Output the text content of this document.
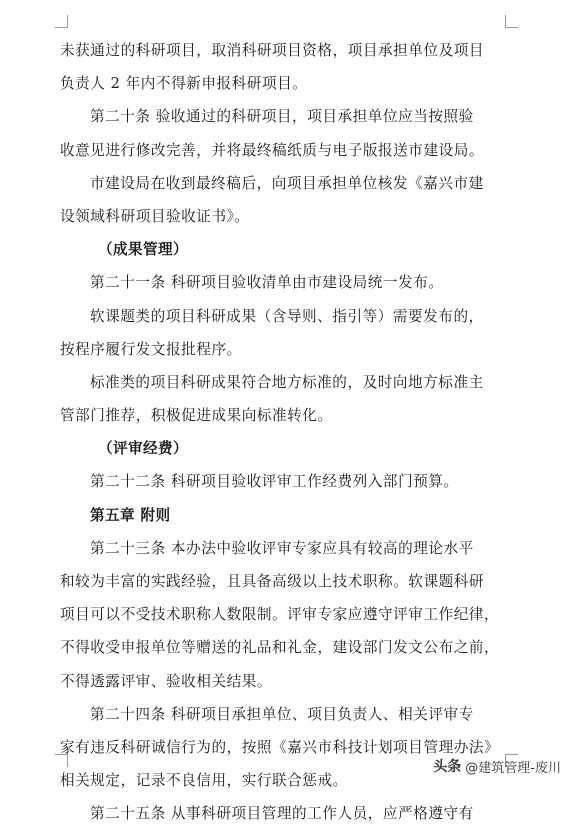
未获通过的科研项目，取消科研项目资格，项目承担单位及项目
负责人 2 年内不得新申报科研项目。
第二十条 验收通过的科研项目，项目承担单位应当按照验
收意见进行修改完善，并将最终稿纸质与电子版报送市建设局。
市建设局在收到最终稿后，向项目承担单位核发《嘉兴市建
设领域科研项目验收证书》。
（成果管理）
第二十一条 科研项目验收清单由市建设局统一发布。
软课题类的项目科研成果（含导则、指引等）需要发布的，
按程序履行发文报批程序。
标准类的项目科研成果符合地方标准的，及时向地方标准主
管部门推荐，积极促进成果向标准转化。
（评审经费）
第二十二条 科研项目验收评审工作经费列入部门预算。
第五章 附则
第二十三条 本办法中验收评审专家应具有较高的理论水平
和较为丰富的实践经验，且具备高级以上技术职称。软课题科研
项目可以不受技术职称人数限制。评审专家应遵守评审工作纪律，
不得收受申报单位等赠送的礼品和礼金，建设部门发文公布之前，
不得透露评审、验收相关结果。
第二十四条 科研项目承担单位、项目负责人、相关评审专
家有违反科研诚信行为的，按照《嘉兴市科技计划项目管理办法》
相关规定，记录不良信用，实行联合惩戒。
第二十五条 从事科研项目管理的工作人员，应严格遵守有
头条 @建筑管理-废川
